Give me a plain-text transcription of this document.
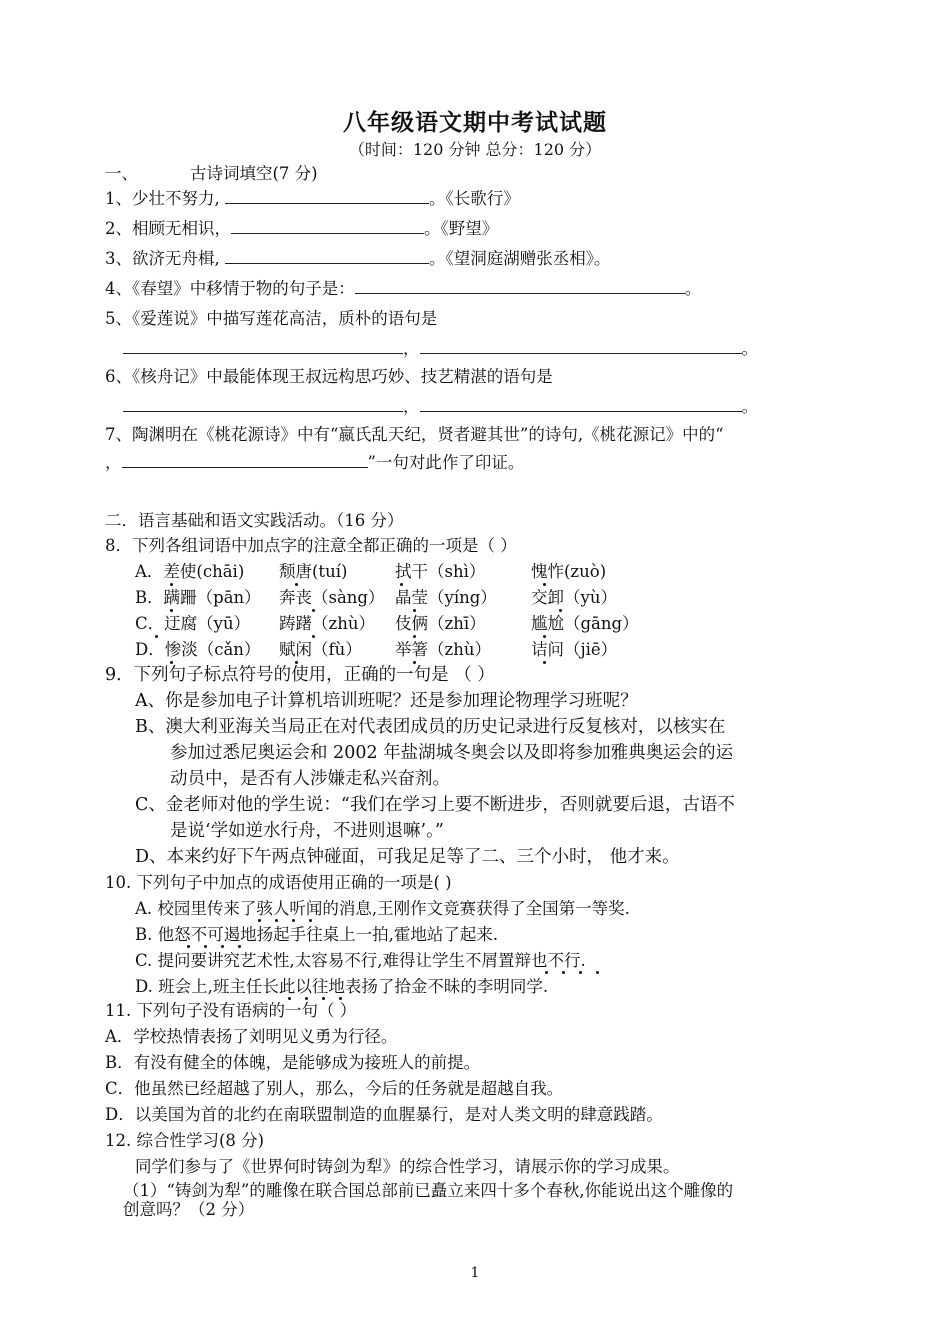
八年级语文期中考试试题
（时间：120 分钟 总分：120 分）
一、	古诗词填空(7 分)
1、少壮不努力,	。《长歌行》
2、相顾无相识，	。《野望》
3、欲济无舟楫,	。《望洞庭湖赠张丞相》。
4、《春望》中移情于物的句子是：	。
5、《爱莲说》中描写莲花高洁，质朴的语句是
，	。
6、《核舟记》中最能体现王叔远构思巧妙、技艺精湛的语句是
，	。
7、陶渊明在《桃花源诗》中有“嬴氏乱天纪，贤者避其世”的诗句,《桃花源记》中的“
，	”一句对此作了印证。
二．语言基础和语文实践活动。（16 分）
8．下列各组词语中加点字的注意全都正确的一项是（ ）
A．差使(chāi) 颓唐(tuí)	拭干（shì）	愧怍(zuò)
B．蹒跚（pān） 奔丧（sàng） 晶莹（yíng） 交卸（yù）
C．迂腐（yū） 踌躇（zhù） 伎俩（zhī）	尴尬（gāng）
D．惨淡（cǎn） 赋闲（fù） 举箸（zhù） 诘问（jiē）
9．下列句子标点符号的使用，正确的一句是 （ ）
A、你是参加电子计算机培训班呢？还是参加理论物理学习班呢？
B、澳大利亚海关当局正在对代表团成员的历史记录进行反复核对，以核实在
参加过悉尼奥运会和 2002 年盐湖城冬奥会以及即将参加雅典奥运会的运
动员中，是否有人涉嫌走私兴奋剂。
C、金老师对他的学生说：“我们在学习上要不断进步，否则就要后退，古语不
是说‘学如逆水行舟，不进则退嘛’。”
D、本来约好下午两点钟碰面，可我足足等了二、三个小时， 他才来。
10. 下列句子中加点的成语使用正确的一项是( )
A. 校园里传来了骇人听闻的消息,王刚作文竞赛获得了全国第一等奖.
B. 他怒不可遏地扬起手往桌上一拍,霍地站了起来.
C. 提问要讲究艺术性,太容易不行,难得让学生不屑置辩也不行.
D. 班会上,班主任长此以往地表扬了拾金不昧的李明同学.
11. 下列句子没有语病的一句（ ）
A．学校热情表扬了刘明见义勇为行径。
B．有没有健全的体魄，是能够成为接班人的前提。
C．他虽然已经超越了别人，那么，今后的任务就是超越自我。
D．以美国为首的北约在南联盟制造的血腥暴行，是对人类文明的肆意践踏。
12. 综合性学习(8 分)
同学们参与了《世界何时铸剑为犁》的综合性学习，请展示你的学习成果。
（1）“铸剑为犁”的雕像在联合国总部前已矗立来四十多个春秋,你能说出这个雕像的
创意吗？（2 分）
1
